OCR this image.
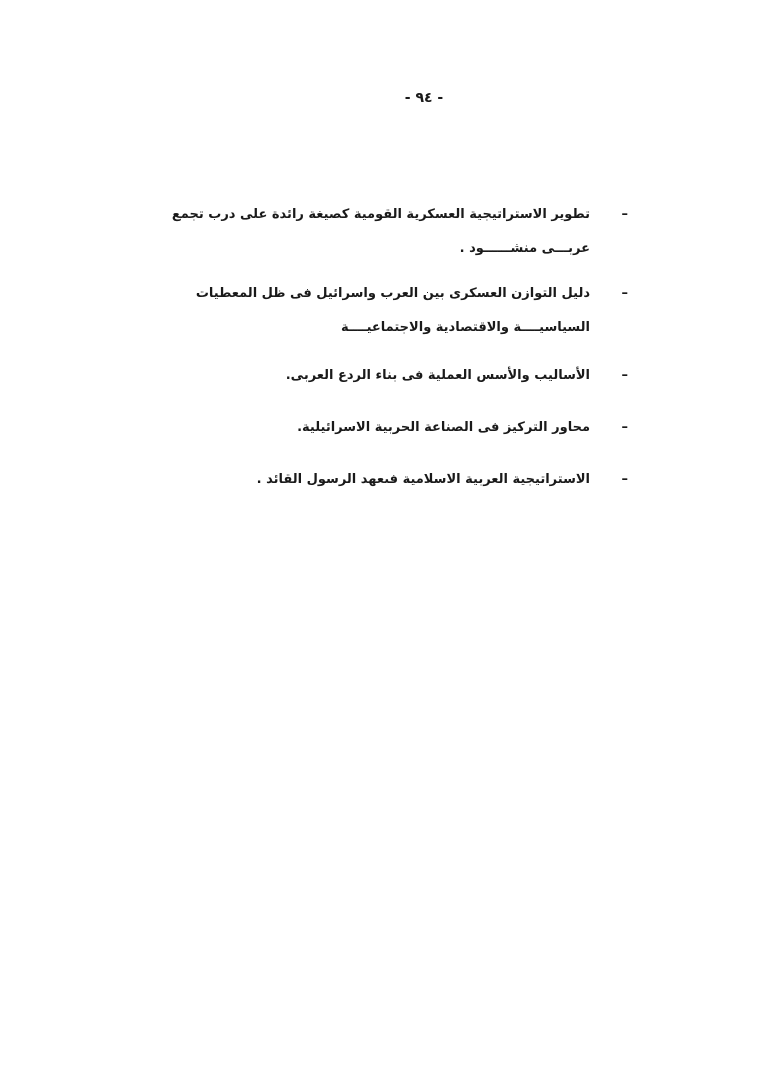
- ٩٤ -
–
تطوير الاستراتيجية العسكرية القومية كصيغة رائدة على درب تجمع عربـــى منشــــــود .
–
دليل التوازن العسكرى بين العرب واسرائيل فى ظل المعطيات السياسيــــة والاقتصادية والاجتماعيــــة
–
الأساليب والأسس العملية فى بناء الردع العربى.
–
محاور التركيز فى الصناعة الحربية الاسرائيلية.
–
الاستراتيجية العربية الاسلامية فىعهد الرسول القائد .
